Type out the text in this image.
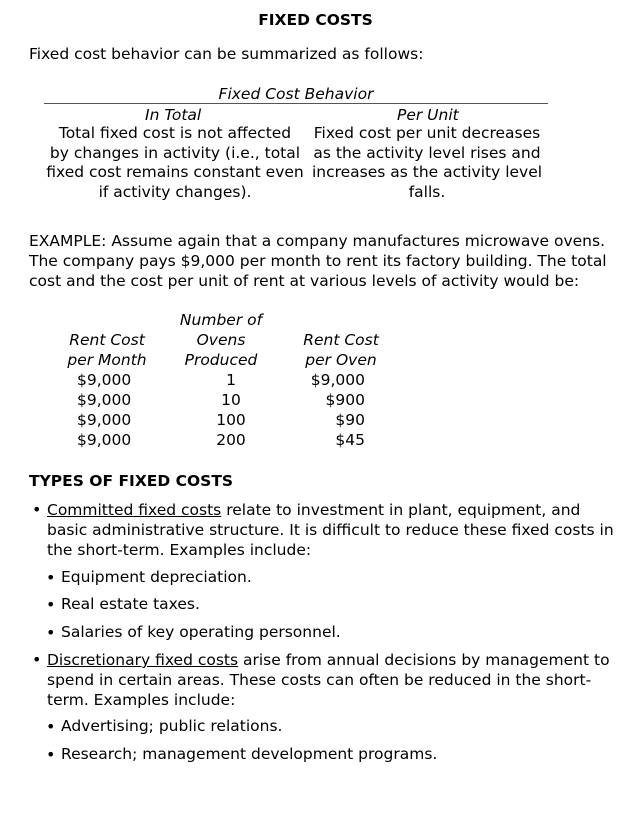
FIXED COSTS
Fixed cost behavior can be summarized as follows:
Fixed Cost Behavior
In Total	Per Unit
Total fixed cost is not affected
by changes in activity (i.e., total
fixed cost remains constant even
if activity changes).
Fixed cost per unit decreases
as the activity level rises and
increases as the activity level
falls.
EXAMPLE: Assume again that a company manufactures microwave ovens.
The company pays $9,000 per month to rent its factory building. The total
cost and the cost per unit of rent at various levels of activity would be:
Rent Cost
per Month
Number of
Ovens
Produced
Rent Cost
per Oven
$9,000
$9,000
$9,000
$9,000
1
10
100
200
$9,000
$900
$90
$45
TYPES OF FIXED COSTS
• Committed fixed costs relate to investment in plant, equipment, and
basic administrative structure. It is difficult to reduce these fixed costs in
the short-term. Examples include:
• Equipment depreciation.
• Real estate taxes.
• Salaries of key operating personnel.
• Discretionary fixed costs arise from annual decisions by management to
spend in certain areas. These costs can often be reduced in the short-
term. Examples include:
• Advertising; public relations.
• Research; management development programs.
